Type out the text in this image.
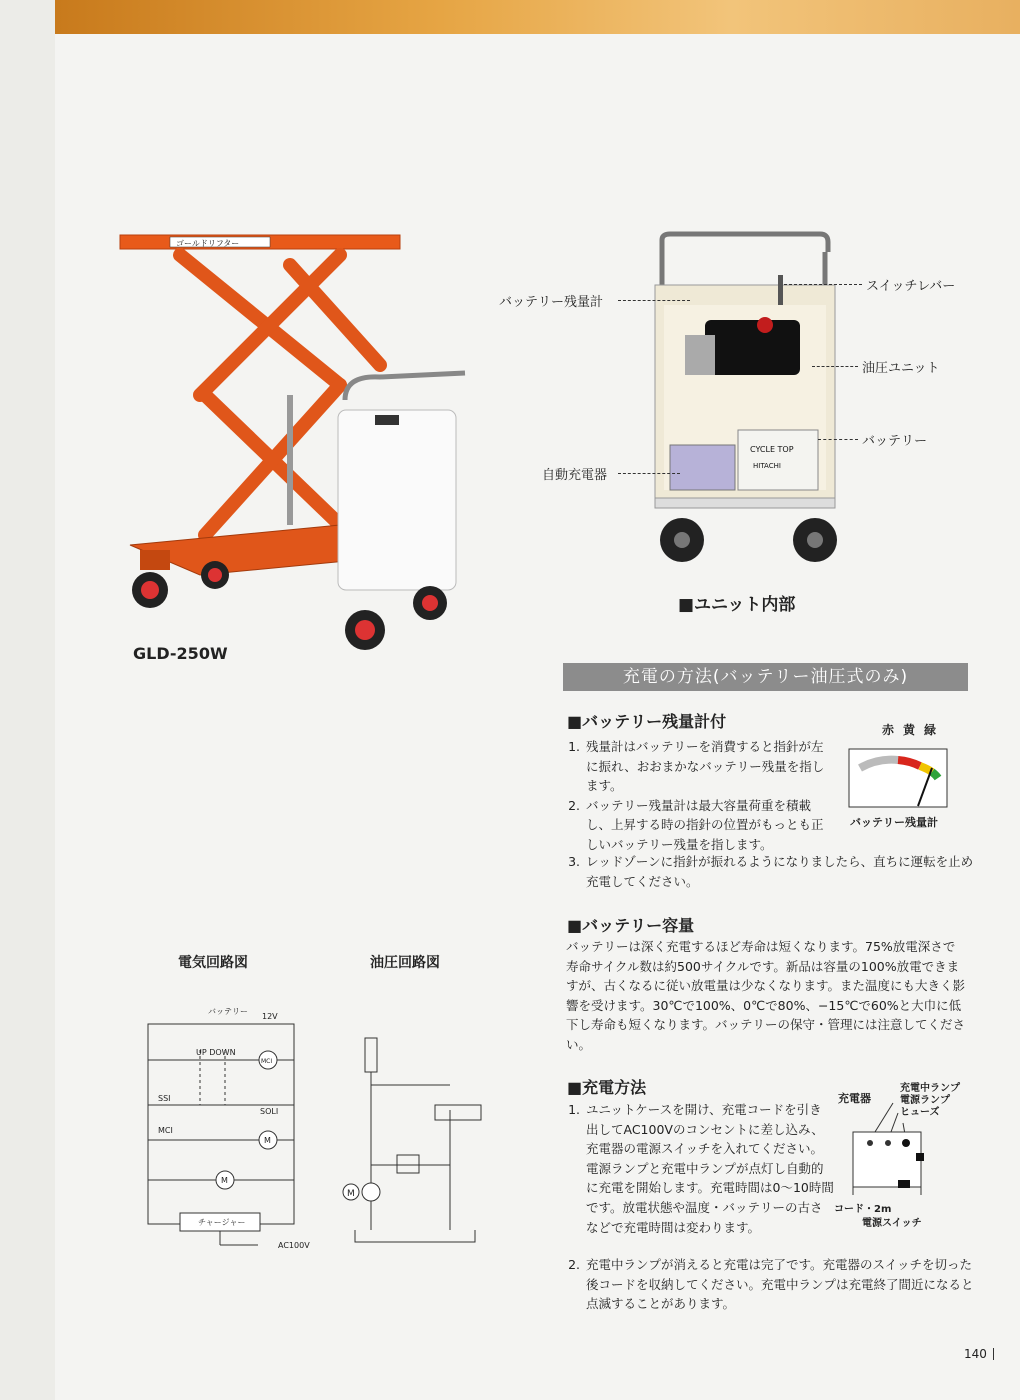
ゴールドリフター
GLD-250W
CYCLE TOP
HITACHI
バッテリー残量計
スイッチレバー
油圧ユニット
バッテリー
自動充電器
■ユニット内部
充電の方法(バッテリー油圧式のみ)
■ バッテリー残量計付
1. 残量計はバッテリーを消費すると指針が左に振れ、おおまかなバッテリー残量を指します。
2. バッテリー残量計は最大容量荷重を積載し、上昇する時の指針の位置がもっとも正しいバッテリー残量を指します。
3. レッドゾーンに指針が振れるようになりましたら、直ちに運転を止め充電してください。
赤黄緑
バッテリー残量計
■ バッテリー容量

バッテリーは深く充電するほど寿命は短くなります。75%放電深さで寿命サイクル数は約500サイクルです。新品は容量の100%放電できますが、古くなるに従い放電量は少なくなります。また温度にも大きく影響を受けます。30℃で100%、0℃で80%、−15℃で60%と大巾に低下し寿命も短くなります。バッテリーの保守・管理には注意してください。

■ 充電方法
1. ユニットケースを開け、充電コードを引き出してAC100Vのコンセントに差し込み、充電器の電源スイッチを入れてください。電源ランプと充電中ランプが点灯し自動的に充電を開始します。充電時間は0〜10時間です。放電状態や温度・バッテリーの古さなどで充電時間は変わります。
2. 充電中ランプが消えると充電は完了です。充電器のスイッチを切った後コードを収納してください。充電中ランプは充電終了間近になると点滅することがあります。
充電器
充電中ランプ
電源ランプ
ヒューズ
コード・2m
電源スイッチ
電気回路図	油圧回路図
バッテリー
12V
UP DOWN
MCI
SSI
SOLI
MCI
M
M
チャージャー
AC100V
M
140
